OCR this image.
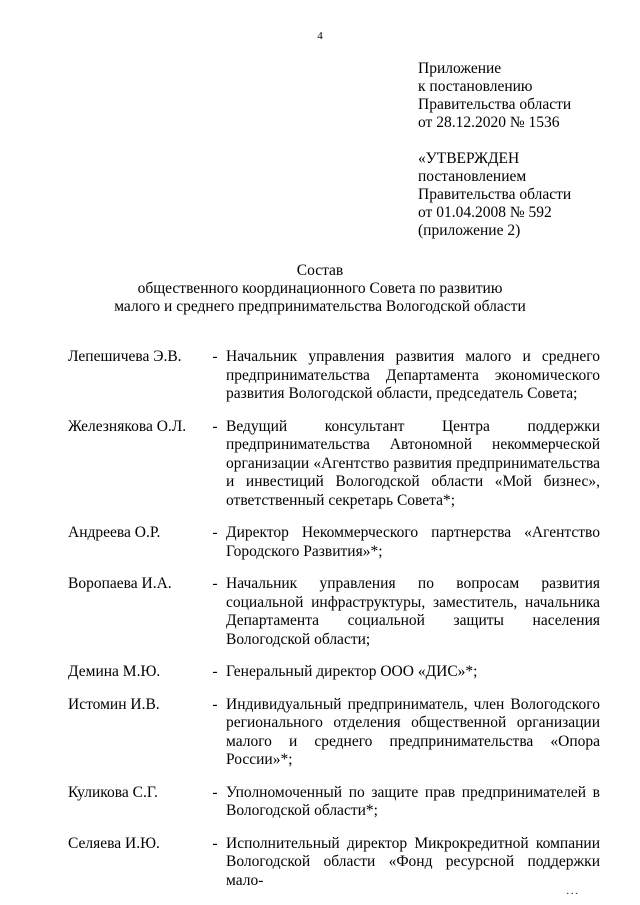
4
Приложение
к постановлению
Правительства области
от 28.12.2020 № 1536
«УТВЕРЖДЕН
постановлением
Правительства области
от 01.04.2008 № 592
(приложение 2)
Состав
общественного координационного Совета по развитию
малого и среднего предпринимательства Вологодской области
Лепешичева Э.В.	- Начальник управления развития малого и среднего предпринимательства Департамента экономического развития Вологодской области, председатель Совета;
Железнякова О.Л.	- Ведущий консультант Центра поддержки предпринимательства Автономной некоммерческой организации «Агентство развития предпринимательства и инвестиций Вологодской области «Мой бизнес», ответственный секретарь Совета*;
Андреева О.Р.	- Директор Некоммерческого партнерства «Агентство Городского Развития»*;
Воропаева И.А.	- Начальник управления по вопросам развития социальной инфраструктуры, заместитель, начальника Департамента социальной защиты населения Вологодской области;
Демина М.Ю.	- Генеральный директор ООО «ДИС»*;
Истомин И.В.	- Индивидуальный предприниматель, член Вологодского регионального отделения общественной организации малого и среднего предпринимательства «Опора России»*;
Куликова С.Г.	- Уполномоченный по защите прав предпринимателей в Вологодской области*;
Селяева И.Ю.	- Исполнительный директор Микрокредитной компании Вологодской области «Фонд ресурсной поддержки мало-
...
